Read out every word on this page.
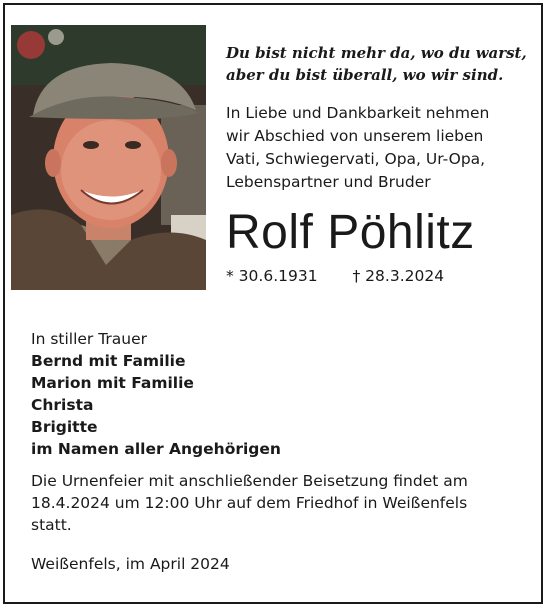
Du bist nicht mehr da, wo du warst,
aber du bist überall, wo wir sind.

In Liebe und Dankbarkeit nehmen
wir Abschied von unserem lieben
Vati, Schwiegervati, Opa, Ur-Opa,
Lebenspartner und Bruder

Rolf Pöhlitz
* 30.6.1931 † 28.3.2024
In stiller Trauer
Bernd mit Familie
Marion mit Familie
Christa
Brigitte
im Namen aller Angehörigen

Die Urnenfeier mit anschließender Beisetzung findet am
18.4.2024 um 12:00 Uhr auf dem Friedhof in Weißenfels
statt.

Weißenfels, im April 2024
